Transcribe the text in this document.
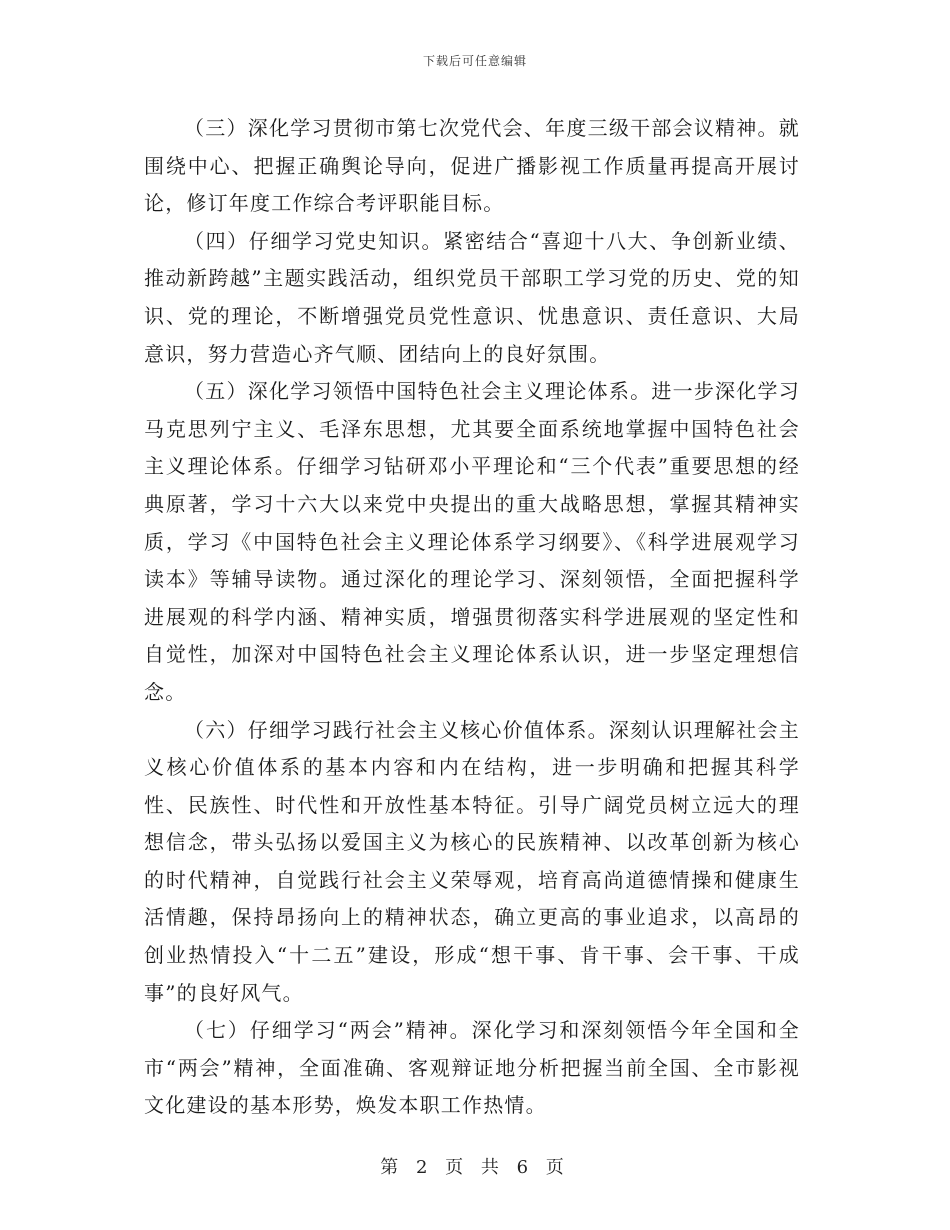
下载后可任意编辑

（三）深化学习贯彻市第七次党代会、年度三级干部会议精神。就围绕中心、把握正确舆论导向，促进广播影视工作质量再提高开展讨论，修订年度工作综合考评职能目标。

（四）仔细学习党史知识。紧密结合“喜迎十八大、争创新业绩、推动新跨越”主题实践活动，组织党员干部职工学习党的历史、党的知识、党的理论，不断增强党员党性意识、忧患意识、责任意识、大局意识，努力营造心齐气顺、团结向上的良好氛围。

（五）深化学习领悟中国特色社会主义理论体系。进一步深化学习马克思列宁主义、毛泽东思想，尤其要全面系统地掌握中国特色社会主义理论体系。仔细学习钻研邓小平理论和“三个代表”重要思想的经典原著，学习十六大以来党中央提出的重大战略思想，掌握其精神实质，学习《中国特色社会主义理论体系学习纲要》、《科学进展观学习读本》等辅导读物。通过深化的理论学习、深刻领悟，全面把握科学进展观的科学内涵、精神实质，增强贯彻落实科学进展观的坚定性和自觉性，加深对中国特色社会主义理论体系认识，进一步坚定理想信念。

（六）仔细学习践行社会主义核心价值体系。深刻认识理解社会主义核心价值体系的基本内容和内在结构，进一步明确和把握其科学性、民族性、时代性和开放性基本特征。引导广阔党员树立远大的理想信念，带头弘扬以爱国主义为核心的民族精神、以改革创新为核心的时代精神，自觉践行社会主义荣辱观，培育高尚道德情操和健康生活情趣，保持昂扬向上的精神状态，确立更高的事业追求，以高昂的创业热情投入“十二五”建设，形成“想干事、肯干事、会干事、干成事”的良好风气。

（七）仔细学习“两会”精神。深化学习和深刻领悟今年全国和全市“两会”精神，全面准确、客观辩证地分析把握当前全国、全市影视文化建设的基本形势，焕发本职工作热情。

第 2 页 共 6 页
